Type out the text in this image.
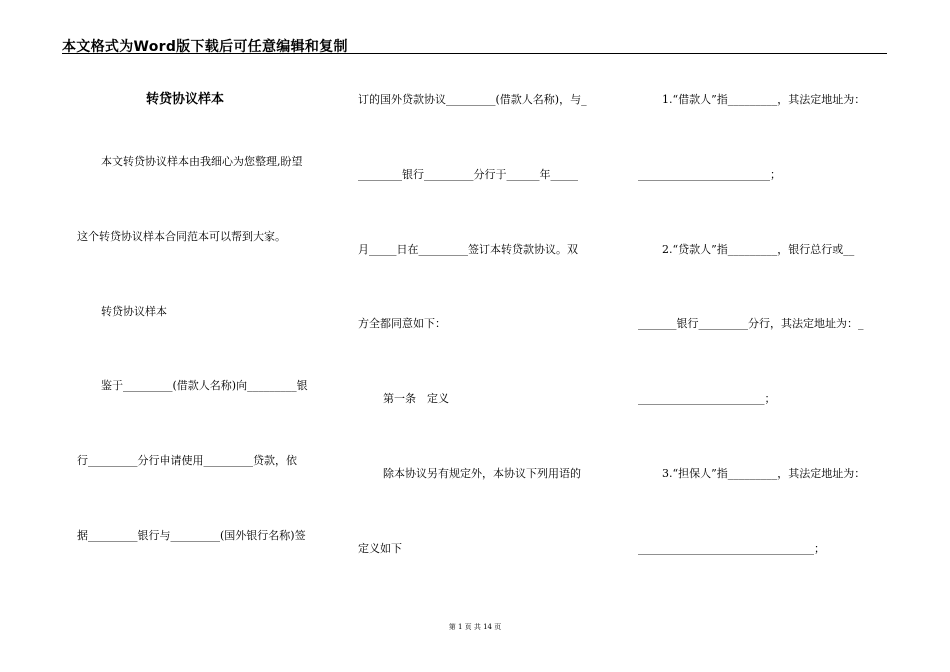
本文格式为Word版下载后可任意编辑和复制
转贷协议样本
本文转贷协议样本由我细心为您整理,盼望
这个转贷协议样本合同范本可以帮到大家。
转贷协议样本
鉴于_________(借款人名称)向_________银
行_________分行申请使用_________贷款，依
据_________银行与_________(国外银行名称)签
订的国外贷款协议_________(借款人名称)，与_
________银行_________分行于______年_____
月_____日在_________签订本转贷款协议。双
方全都同意如下：
第一条　定义
除本协议另有规定外，本协议下列用语的
定义如下
1.“借款人”指_________，其法定地址为：
________________________；
2.“贷款人”指_________，银行总行或__
_______银行_________分行，其法定地址为：_
_______________________；
3.“担保人”指_________，其法定地址为：
________________________________；
第 1 页 共 14 页
